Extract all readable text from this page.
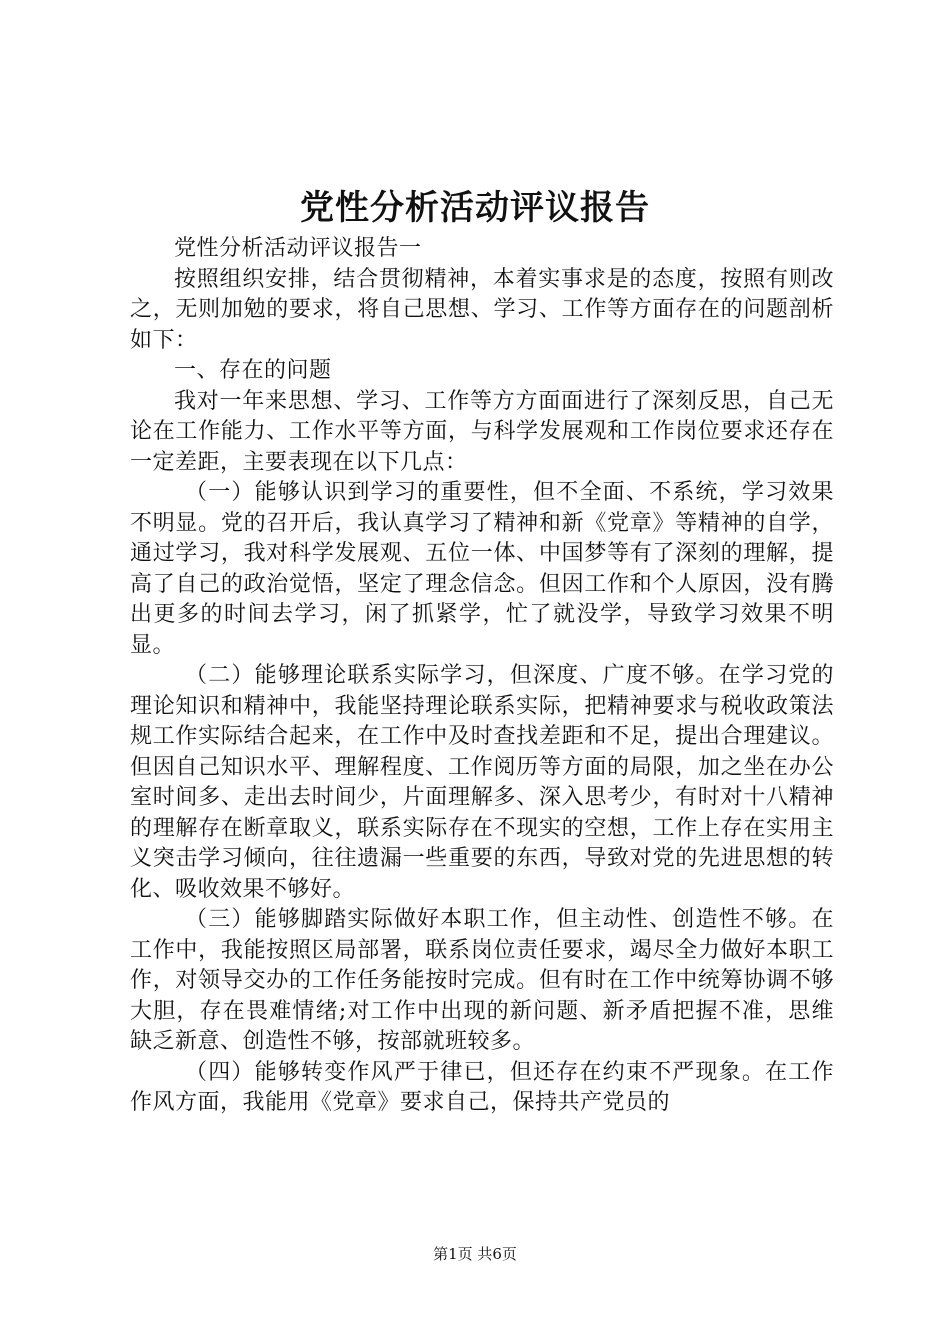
党性分析活动评议报告

党性分析活动评议报告一

按照组织安排，结合贯彻精神，本着实事求是的态度，按照有则改之，无则加勉的要求，将自己思想、学习、工作等方面存在的问题剖析如下：

一、存在的问题

我对一年来思想、学习、工作等方方面面进行了深刻反思，自己无论在工作能力、工作水平等方面，与科学发展观和工作岗位要求还存在一定差距，主要表现在以下几点：

（一）能够认识到学习的重要性，但不全面、不系统，学习效果不明显。党的召开后，我认真学习了精神和新《党章》等精神的自学，通过学习，我对科学发展观、五位一体、中国梦等有了深刻的理解，提高了自己的政治觉悟，坚定了理念信念。但因工作和个人原因，没有腾出更多的时间去学习，闲了抓紧学，忙了就没学，导致学习效果不明显。

（二）能够理论联系实际学习，但深度、广度不够。在学习党的理论知识和精神中，我能坚持理论联系实际，把精神要求与税收政策法规工作实际结合起来，在工作中及时查找差距和不足，提出合理建议。但因自己知识水平、理解程度、工作阅历等方面的局限，加之坐在办公室时间多、走出去时间少，片面理解多、深入思考少，有时对十八精神的理解存在断章取义，联系实际存在不现实的空想，工作上存在实用主义突击学习倾向，往往遗漏一些重要的东西，导致对党的先进思想的转化、吸收效果不够好。

（三）能够脚踏实际做好本职工作，但主动性、创造性不够。在工作中，我能按照区局部署，联系岗位责任要求，竭尽全力做好本职工作，对领导交办的工作任务能按时完成。但有时在工作中统筹协调不够大胆，存在畏难情绪;对工作中出现的新问题、新矛盾把握不准，思维缺乏新意、创造性不够，按部就班较多。

（四）能够转变作风严于律已，但还存在约束不严现象。在工作作风方面，我能用《党章》要求自己，保持共产党员的

第1页 共6页
